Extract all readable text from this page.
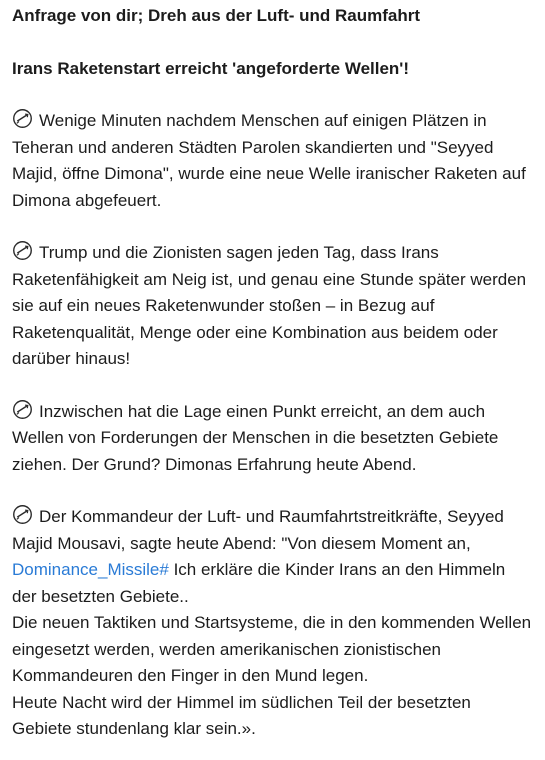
Anfrage von dir; Dreh aus der Luft- und Raumfahrt

Irans Raketenstart erreicht 'angeforderte Wellen'!

Wenige Minuten nachdem Menschen auf einigen Plätzen in Teheran und anderen Städten Parolen skandierten und "Seyyed Majid, öffne Dimona", wurde eine neue Welle iranischer Raketen auf Dimona abgefeuert.

Trump und die Zionisten sagen jeden Tag, dass Irans Raketenfähigkeit am Neig ist, und genau eine Stunde später werden sie auf ein neues Raketenwunder stoßen – in Bezug auf Raketenqualität, Menge oder eine Kombination aus beidem oder darüber hinaus!

Inzwischen hat die Lage einen Punkt erreicht, an dem auch Wellen von Forderungen der Menschen in die besetzten Gebiete ziehen. Der Grund? Dimonas Erfahrung heute Abend.

Der Kommandeur der Luft- und Raumfahrtstreitkräfte, Seyyed Majid Mousavi, sagte heute Abend: "Von diesem Moment an, Dominance_Missile# Ich erkläre die Kinder Irans an den Himmeln der besetzten Gebiete..
Die neuen Taktiken und Startsysteme, die in den kommenden Wellen eingesetzt werden, werden amerikanischen zionistischen Kommandeuren den Finger in den Mund legen.
Heute Nacht wird der Himmel im südlichen Teil der besetzten Gebiete stundenlang klar sein.».
